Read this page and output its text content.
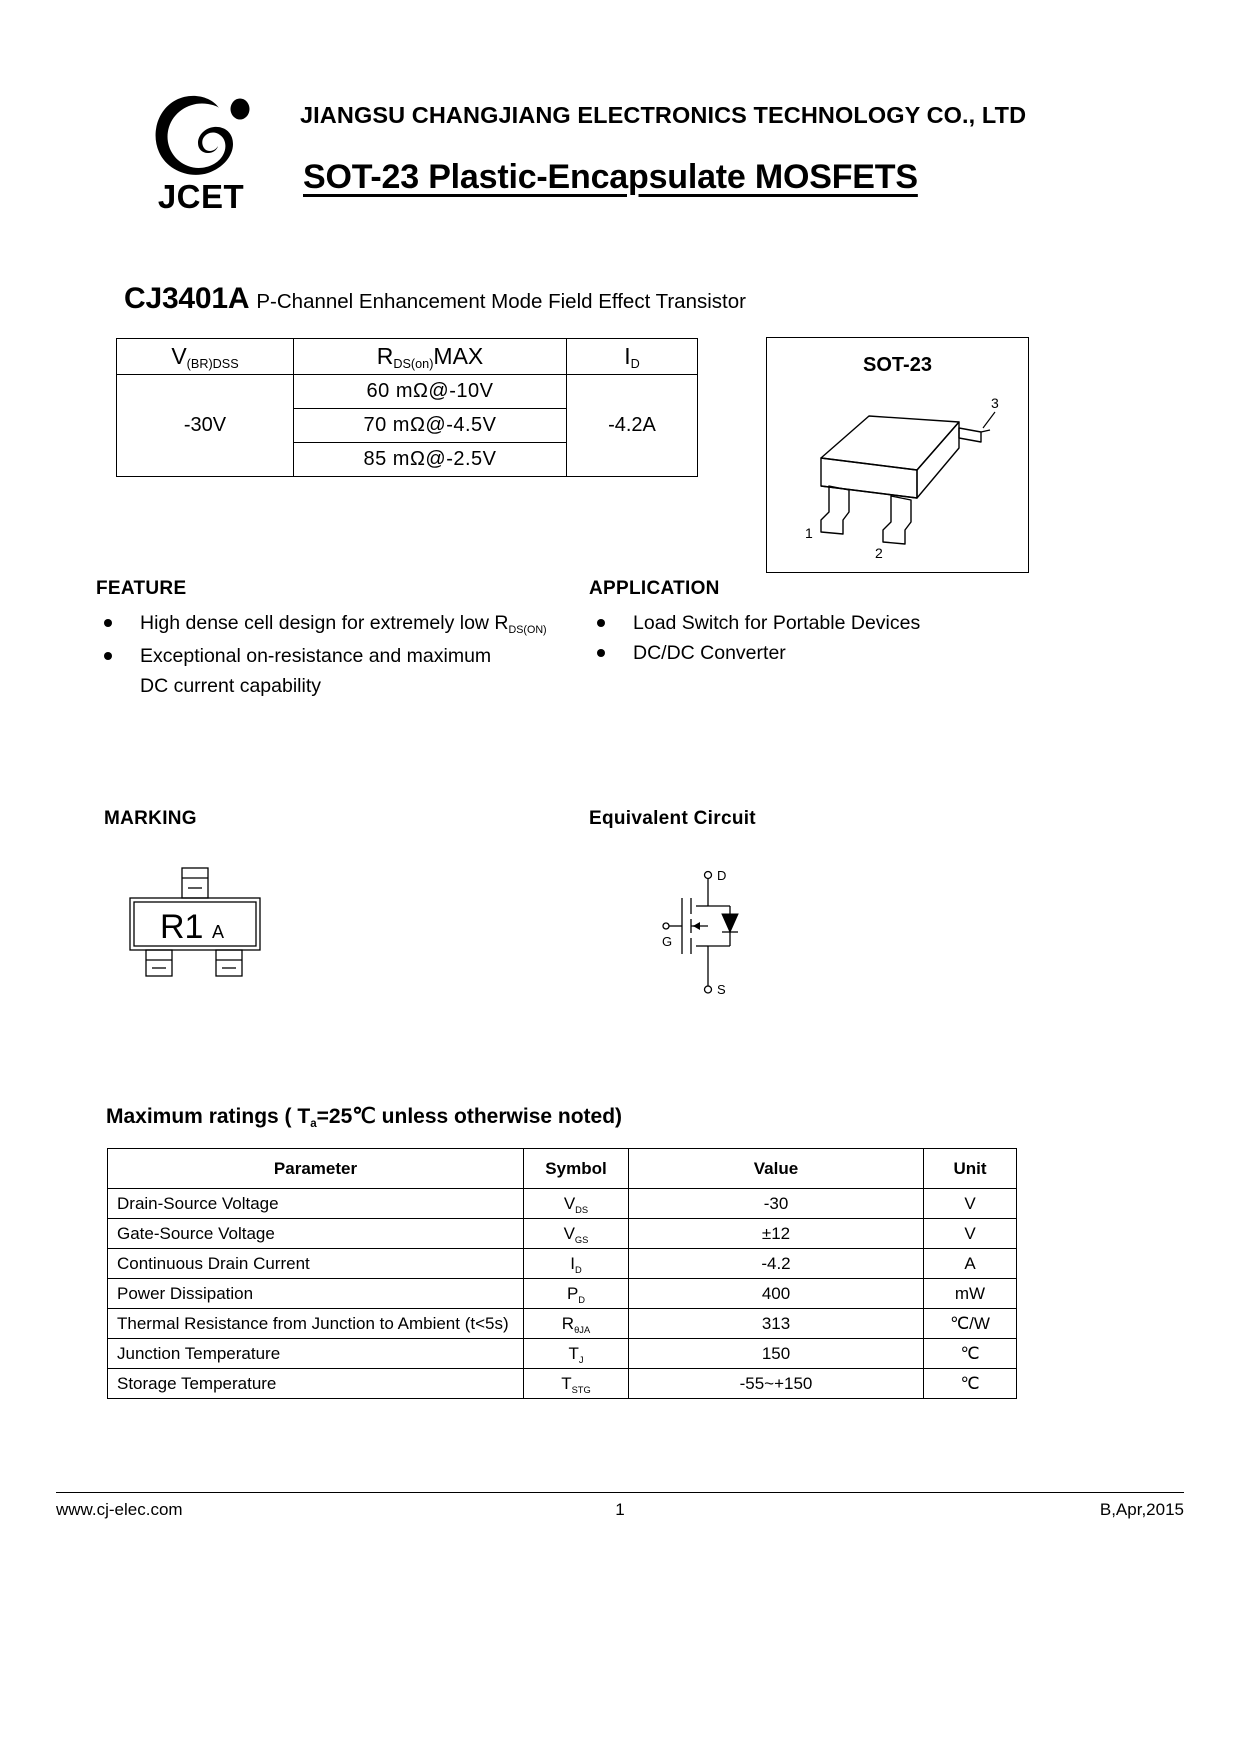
JCET
JIANGSU CHANGJIANG ELECTRONICS TECHNOLOGY CO., LTD
SOT-23 Plastic-Encapsulate MOSFETS
CJ3401A P-Channel Enhancement Mode Field Effect Transistor
V(BR)DSS	RDS(on)MAX	ID
-30V	60 mΩ@-10V	-4.2A
	70 mΩ@-4.5V	
	85 mΩ@-2.5V	
SOT-23
1
2
3
FEATURE
High dense cell design for extremely low $R_{DS(ON)}$
Exceptional on-resistance and maximum
DC current capability
APPLICATION
Load Switch for Portable Devices
DC/DC Converter
MARKING
R1 A
Equivalent Circuit
D
G
S
Maximum ratings ( Ta=25℃ unless otherwise noted)
Parameter	Symbol	Value	Unit
Drain-Source Voltage	$V_{DS}$	-30	V
Gate-Source Voltage	$V_{GS}$	±12	V
Continuous Drain Current	$I_D$	-4.2	A
Power Dissipation	$P_D$	400	mW
Thermal Resistance from Junction to Ambient (t<5s)	$R_{\theta JA}$	313	℃/W
Junction Temperature	$T_J$	150	℃
Storage Temperature	$T_{STG}$	-55~+150	℃
www.cj-elec.com	1	B,Apr,2015
